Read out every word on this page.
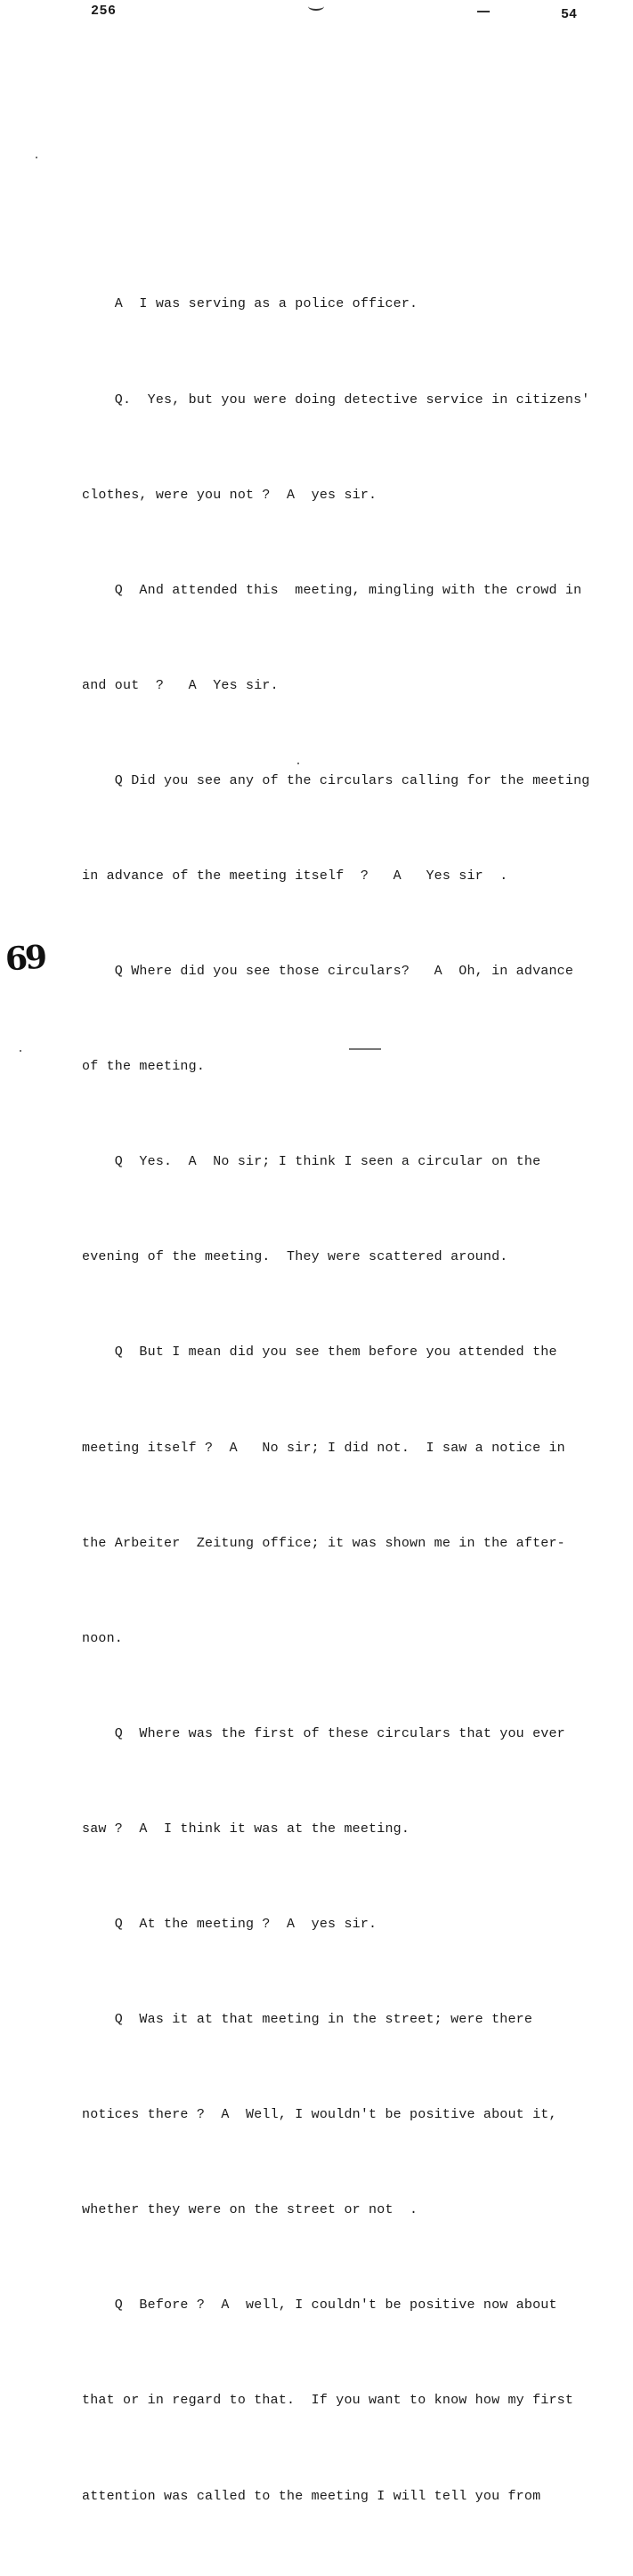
256	54

A  I was serving as a police officer.

Q.  Yes, but you were doing detective service in citizens'

clothes, were you not ?  A  yes sir.

Q  And attended this  meeting, mingling with the crowd in

and out  ?   A  Yes sir.

Q Did you see any of the circulars calling for the meeting

in advance of the meeting itself  ?   A   Yes sir  .

Q Where did you see those circulars?   A  Oh, in advance

of the meeting.

Q  Yes.  A  No sir; I think I seen a circular on the

evening of the meeting.  They were scattered around.

Q  But I mean did you see them before you attended the

meeting itself ?  A   No sir; I did not.  I saw a notice in

the Arbeiter  Zeitung office; it was shown me in the after-

noon.

Q  Where was the first of these circulars that you ever

saw ?  A  I think it was at the meeting.

Q  At the meeting ?  A  yes sir.

Q  Was it at that meeting in the street; were there

notices there ?  A  Well, I wouldn't be positive about it,

whether they were on the street or not  .

Q  Before ?  A  well, I couldn't be positive now about

that or in regard to that.  If you want to know how my first

attention was called to the meeting I will tell you from

69
